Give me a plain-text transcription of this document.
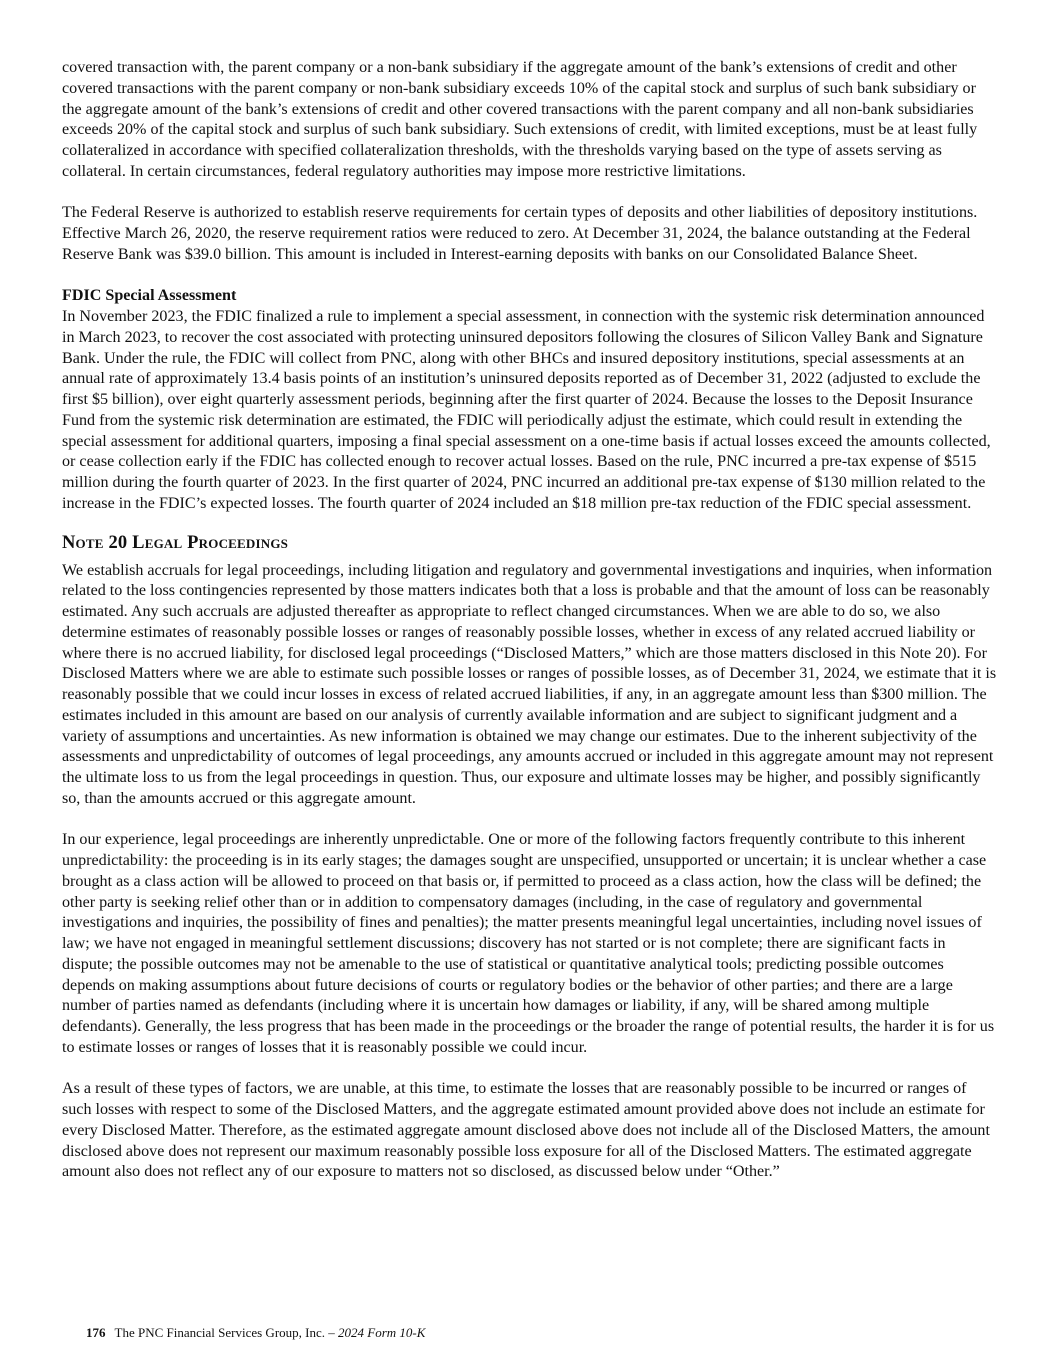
covered transaction with, the parent company or a non-bank subsidiary if the aggregate amount of the bank’s extensions of credit and other covered transactions with the parent company or non-bank subsidiary exceeds 10% of the capital stock and surplus of such bank subsidiary or the aggregate amount of the bank’s extensions of credit and other covered transactions with the parent company and all non-bank subsidiaries exceeds 20% of the capital stock and surplus of such bank subsidiary. Such extensions of credit, with limited exceptions, must be at least fully collateralized in accordance with specified collateralization thresholds, with the thresholds varying based on the type of assets serving as collateral. In certain circumstances, federal regulatory authorities may impose more restrictive limitations.

The Federal Reserve is authorized to establish reserve requirements for certain types of deposits and other liabilities of depository institutions. Effective March 26, 2020, the reserve requirement ratios were reduced to zero. At December 31, 2024, the balance outstanding at the Federal Reserve Bank was $39.0 billion. This amount is included in Interest-earning deposits with banks on our Consolidated Balance Sheet.

FDIC Special Assessment

In November 2023, the FDIC finalized a rule to implement a special assessment, in connection with the systemic risk determination announced in March 2023, to recover the cost associated with protecting uninsured depositors following the closures of Silicon Valley Bank and Signature Bank. Under the rule, the FDIC will collect from PNC, along with other BHCs and insured depository institutions, special assessments at an annual rate of approximately 13.4 basis points of an institution’s uninsured deposits reported as of December 31, 2022 (adjusted to exclude the first $5 billion), over eight quarterly assessment periods, beginning after the first quarter of 2024. Because the losses to the Deposit Insurance Fund from the systemic risk determination are estimated, the FDIC will periodically adjust the estimate, which could result in extending the special assessment for additional quarters, imposing a final special assessment on a one-time basis if actual losses exceed the amounts collected, or cease collection early if the FDIC has collected enough to recover actual losses. Based on the rule, PNC incurred a pre-tax expense of $515 million during the fourth quarter of 2023. In the first quarter of 2024, PNC incurred an additional pre-tax expense of $130 million related to the increase in the FDIC’s expected losses. The fourth quarter of 2024 included an $18 million pre-tax reduction of the FDIC special assessment.

Note 20 Legal Proceedings

We establish accruals for legal proceedings, including litigation and regulatory and governmental investigations and inquiries, when information related to the loss contingencies represented by those matters indicates both that a loss is probable and that the amount of loss can be reasonably estimated. Any such accruals are adjusted thereafter as appropriate to reflect changed circumstances. When we are able to do so, we also determine estimates of reasonably possible losses or ranges of reasonably possible losses, whether in excess of any related accrued liability or where there is no accrued liability, for disclosed legal proceedings (“Disclosed Matters,” which are those matters disclosed in this Note 20). For Disclosed Matters where we are able to estimate such possible losses or ranges of possible losses, as of December 31, 2024, we estimate that it is reasonably possible that we could incur losses in excess of related accrued liabilities, if any, in an aggregate amount less than $300 million. The estimates included in this amount are based on our analysis of currently available information and are subject to significant judgment and a variety of assumptions and uncertainties. As new information is obtained we may change our estimates. Due to the inherent subjectivity of the assessments and unpredictability of outcomes of legal proceedings, any amounts accrued or included in this aggregate amount may not represent the ultimate loss to us from the legal proceedings in question. Thus, our exposure and ultimate losses may be higher, and possibly significantly so, than the amounts accrued or this aggregate amount.

In our experience, legal proceedings are inherently unpredictable. One or more of the following factors frequently contribute to this inherent unpredictability: the proceeding is in its early stages; the damages sought are unspecified, unsupported or uncertain; it is unclear whether a case brought as a class action will be allowed to proceed on that basis or, if permitted to proceed as a class action, how the class will be defined; the other party is seeking relief other than or in addition to compensatory damages (including, in the case of regulatory and governmental investigations and inquiries, the possibility of fines and penalties); the matter presents meaningful legal uncertainties, including novel issues of law; we have not engaged in meaningful settlement discussions; discovery has not started or is not complete; there are significant facts in dispute; the possible outcomes may not be amenable to the use of statistical or quantitative analytical tools; predicting possible outcomes depends on making assumptions about future decisions of courts or regulatory bodies or the behavior of other parties; and there are a large number of parties named as defendants (including where it is uncertain how damages or liability, if any, will be shared among multiple defendants). Generally, the less progress that has been made in the proceedings or the broader the range of potential results, the harder it is for us to estimate losses or ranges of losses that it is reasonably possible we could incur.

As a result of these types of factors, we are unable, at this time, to estimate the losses that are reasonably possible to be incurred or ranges of such losses with respect to some of the Disclosed Matters, and the aggregate estimated amount provided above does not include an estimate for every Disclosed Matter. Therefore, as the estimated aggregate amount disclosed above does not include all of the Disclosed Matters, the amount disclosed above does not represent our maximum reasonably possible loss exposure for all of the Disclosed Matters. The estimated aggregate amount also does not reflect any of our exposure to matters not so disclosed, as discussed below under “Other.”

176 The PNC Financial Services Group, Inc. – 2024 Form 10-K
